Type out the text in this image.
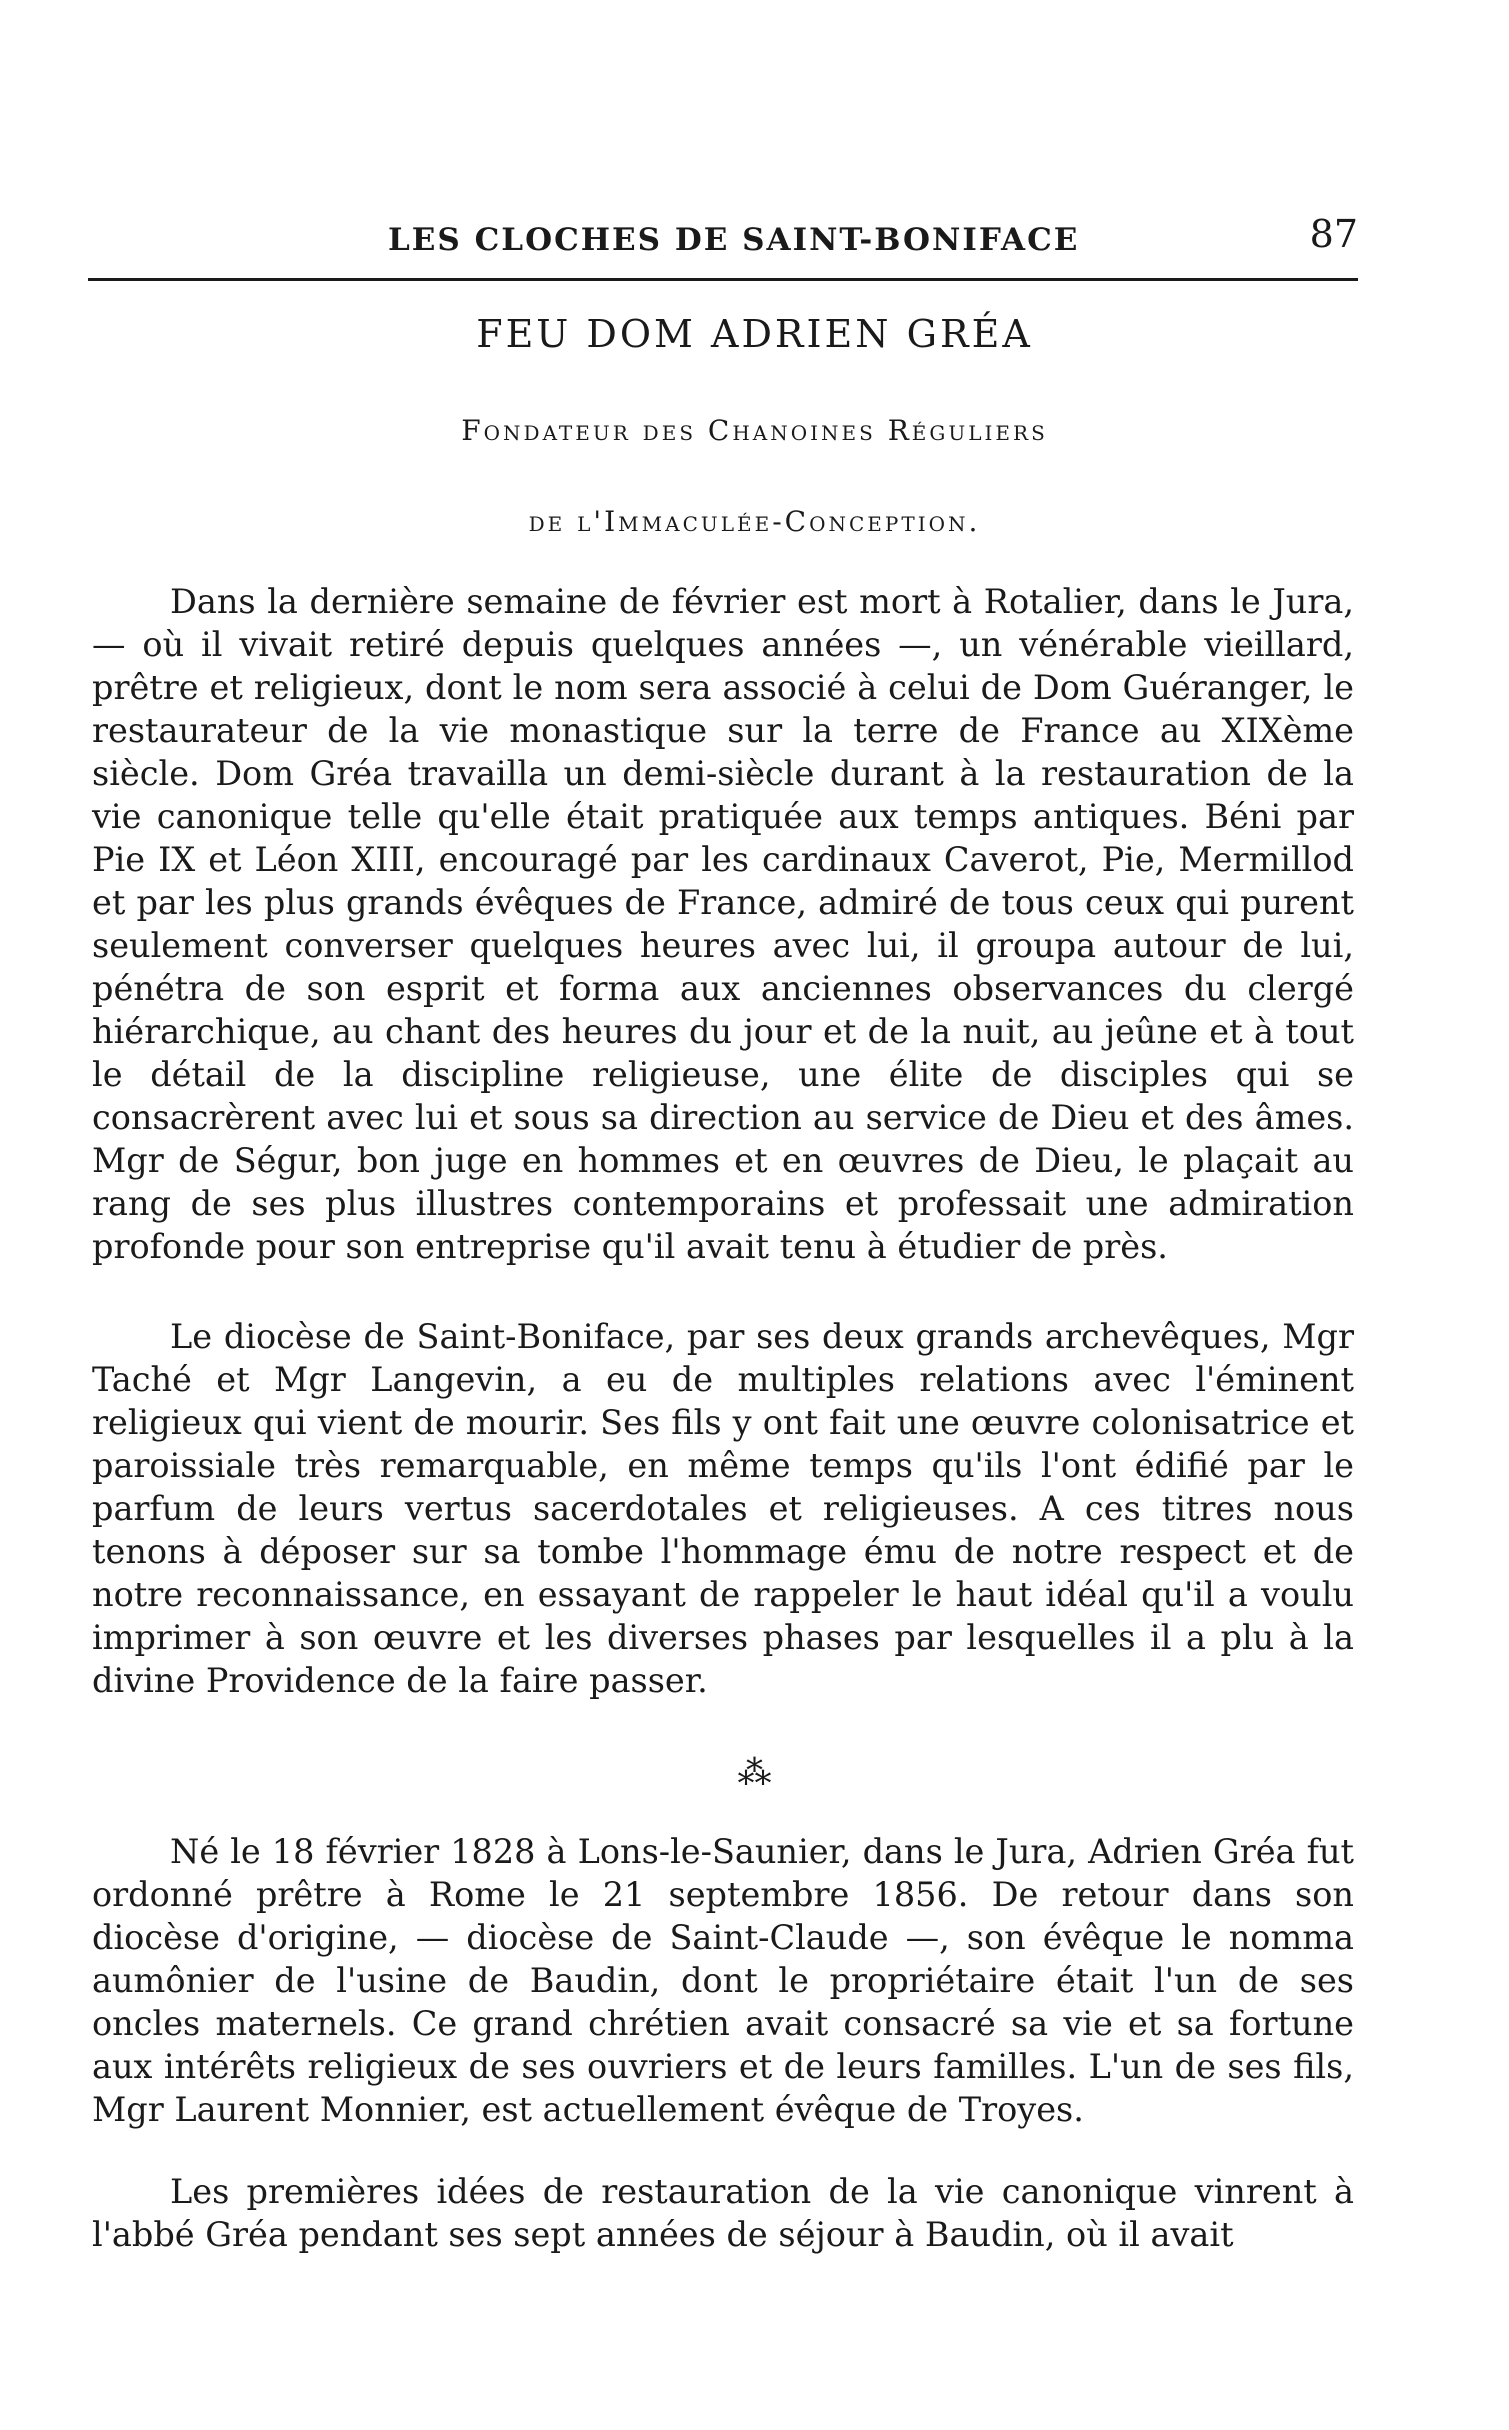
LES CLOCHES DE SAINT-BONIFACE	87
FEU DOM ADRIEN GRÉA
Fondateur des Chanoines Réguliers
de l'Immaculée-Conception.

Dans la dernière semaine de février est mort à Rotalier, dans le Jura, — où il vivait retiré depuis quelques années —, un vénérable vieillard, prêtre et religieux, dont le nom sera associé à celui de Dom Guéranger, le restaurateur de la vie monastique sur la terre de France au XIXème siècle. Dom Gréa travailla un demi-siècle durant à la restauration de la vie canonique telle qu'elle était pratiquée aux temps antiques. Béni par Pie IX et Léon XIII, encouragé par les cardinaux Caverot, Pie, Mermillod et par les plus grands évêques de France, admiré de tous ceux qui purent seulement converser quelques heures avec lui, il groupa autour de lui, pénétra de son esprit et forma aux anciennes observances du clergé hiérarchique, au chant des heures du jour et de la nuit, au jeûne et à tout le détail de la discipline religieuse, une élite de disciples qui se consacrèrent avec lui et sous sa direction au service de Dieu et des âmes. Mgr de Ségur, bon juge en hommes et en œuvres de Dieu, le plaçait au rang de ses plus illustres contemporains et professait une admiration profonde pour son entreprise qu'il avait tenu à étudier de près.

Le diocèse de Saint-Boniface, par ses deux grands archevêques, Mgr Taché et Mgr Langevin, a eu de multiples relations avec l'éminent religieux qui vient de mourir. Ses fils y ont fait une œuvre colonisatrice et paroissiale très remarquable, en même temps qu'ils l'ont édifié par le parfum de leurs vertus sacerdotales et religieuses. A ces titres nous tenons à déposer sur sa tombe l'hommage ému de notre respect et de notre reconnaissance, en essayant de rappeler le haut idéal qu'il a voulu imprimer à son œuvre et les diverses phases par lesquelles il a plu à la divine Providence de la faire passer.

⁂

Né le 18 février 1828 à Lons-le-Saunier, dans le Jura, Adrien Gréa fut ordonné prêtre à Rome le 21 septembre 1856. De retour dans son diocèse d'origine, — diocèse de Saint-Claude —, son évêque le nomma aumônier de l'usine de Baudin, dont le propriétaire était l'un de ses oncles maternels. Ce grand chrétien avait consacré sa vie et sa fortune aux intérêts religieux de ses ouvriers et de leurs familles. L'un de ses fils, Mgr Laurent Monnier, est actuellement évêque de Troyes.

Les premières idées de restauration de la vie canonique vinrent à l'abbé Gréa pendant ses sept années de séjour à Baudin, où il avait
